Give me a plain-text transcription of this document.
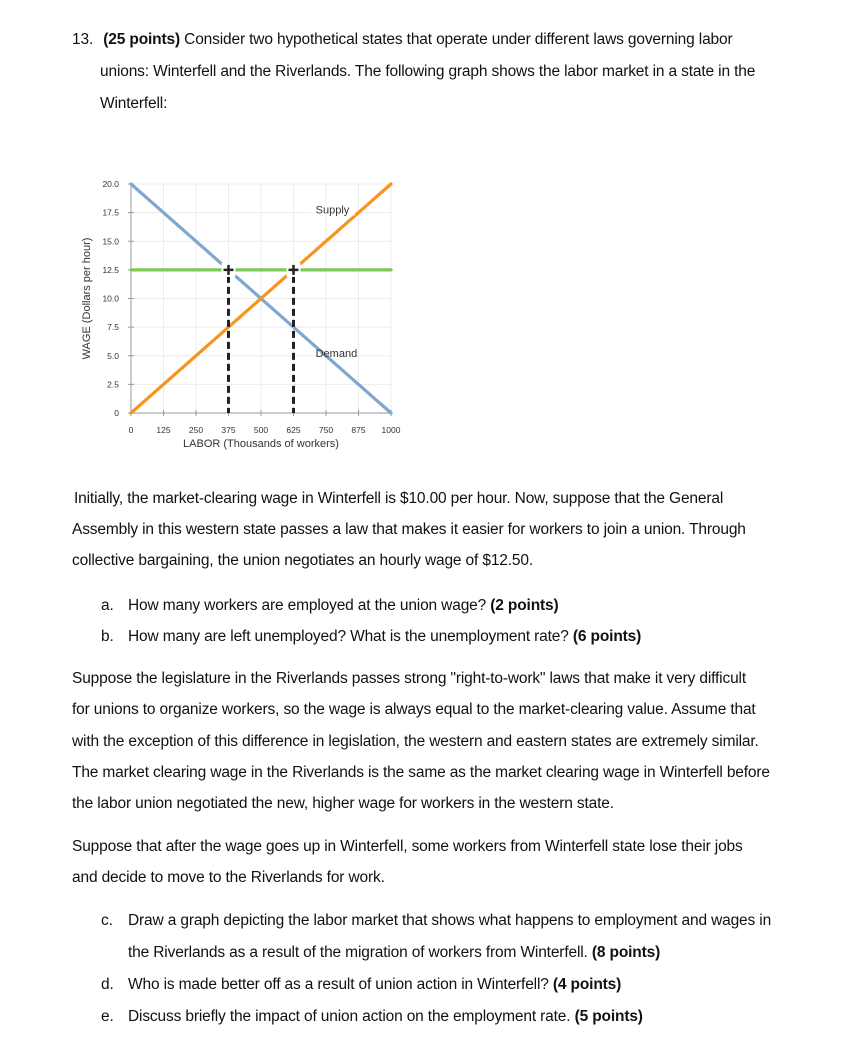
13. (25 points) Consider two hypothetical states that operate under different laws governing labor
unions: Winterfell and the Riverlands. The following graph shows the labor market in a state in the
Winterfell:
0	125 250 375 500 625 750 875 1000
0
2.5
5.0
7.5
10.0
12.5
15.0
17.5
20.0
LABOR (Thousands of workers)
WAGE (Dollars per hour)
Supply
Demand
Initially, the market-clearing wage in Winterfell is $10.00 per hour. Now, suppose that the General
Assembly in this western state passes a law that makes it easier for workers to join a union. Through
collective bargaining, the union negotiates an hourly wage of $12.50.
a. How many workers are employed at the union wage? (2 points)
b. How many are left unemployed? What is the unemployment rate? (6 points)
Suppose the legislature in the Riverlands passes strong "right-to-work" laws that make it very difficult
for unions to organize workers, so the wage is always equal to the market-clearing value. Assume that
with the exception of this difference in legislation, the western and eastern states are extremely similar.
The market clearing wage in the Riverlands is the same as the market clearing wage in Winterfell before
the labor union negotiated the new, higher wage for workers in the western state.
Suppose that after the wage goes up in Winterfell, some workers from Winterfell state lose their jobs
and decide to move to the Riverlands for work.
c. Draw a graph depicting the labor market that shows what happens to employment and wages in
the Riverlands as a result of the migration of workers from Winterfell. (8 points)
d. Who is made better off as a result of union action in Winterfell? (4 points)
e. Discuss briefly the impact of union action on the employment rate. (5 points)
